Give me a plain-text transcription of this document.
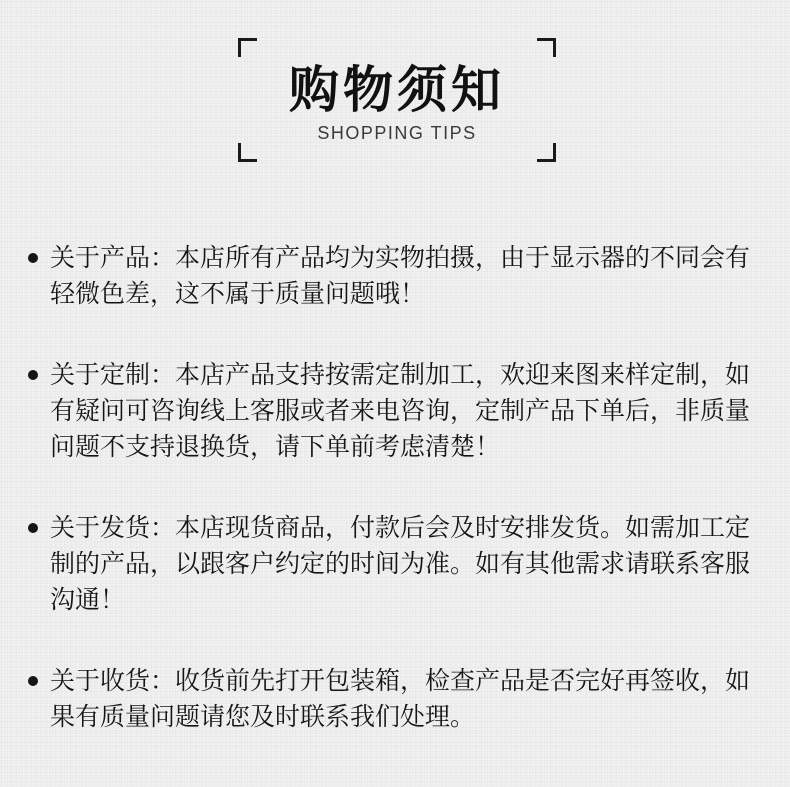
购物须知
SHOPPING TIPS
关于产品：本店所有产品均为实物拍摄，由于显示器的不同会有轻微色差，这不属于质量问题哦！
关于定制：本店产品支持按需定制加工，欢迎来图来样定制，如有疑问可咨询线上客服或者来电咨询，定制产品下单后，非质量问题不支持退换货，请下单前考虑清楚！
关于发货：本店现货商品，付款后会及时安排发货。如需加工定制的产品，以跟客户约定的时间为准。如有其他需求请联系客服沟通！
关于收货：收货前先打开包装箱，检查产品是否完好再签收，如果有质量问题请您及时联系我们处理。
